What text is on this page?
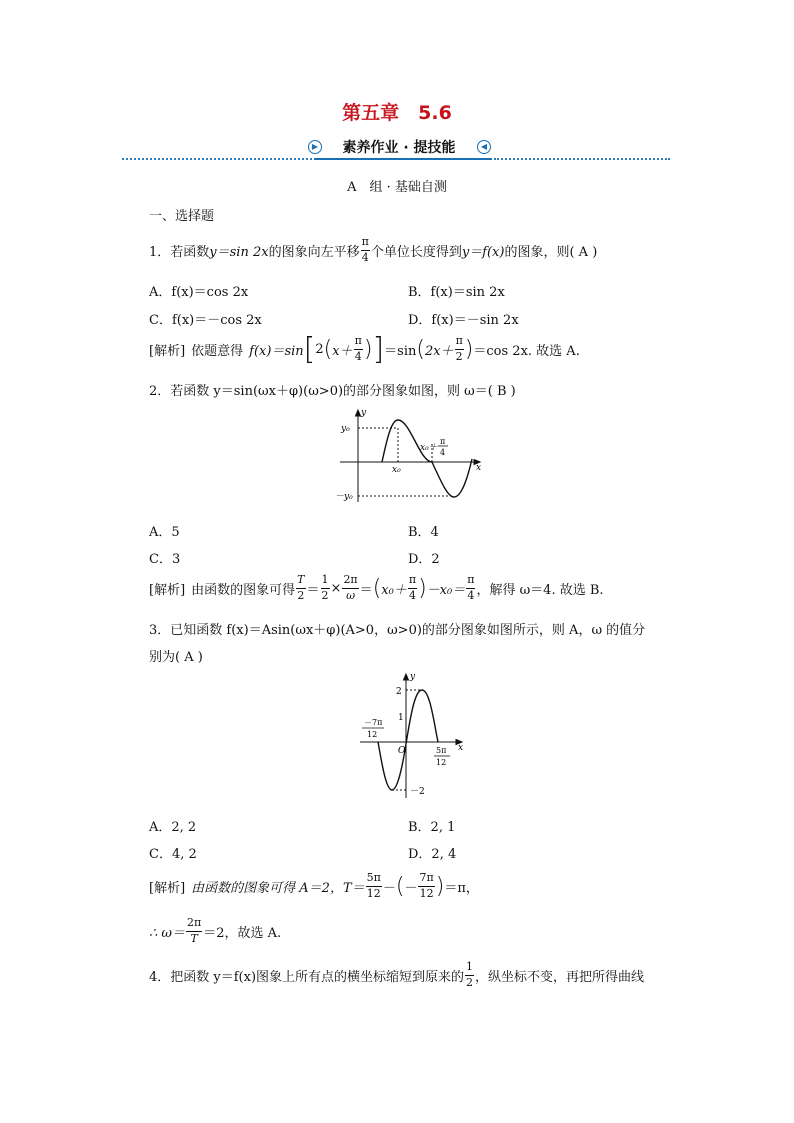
第五章　5.6
▶	素养作业 · 提技能	◀
A　组 · 基础自测
一、选择题
1．若函数 y＝sin 2x 的图象向左平移 $\frac{\pi}{4}$ 个单位长度得到 y＝f(x) 的图象，则( A )
A．f(x)＝cos 2x	B．f(x)＝sin 2x
C．f(x)＝－cos 2x	D．f(x)＝－sin 2x
[解析] 依题意得 f(x)＝sin [ 2 ( $x+ \frac{\pi}{4}$ ) ] ＝sin ( $2x+ \frac{\pi}{2}$ ) ＝cos 2x. 故选 A.
2．若函数 y＝sin(ωx＋φ)(ω>0)的部分图象如图，则 ω＝( B )
y
x
y₀
－y₀
x₀
x₀＋
π
4
A．5	B．4
C．3	D．2
[解析] 由函数的图象可得 $\frac{T}{2} = \frac{1}{2} \times \frac{2\pi}{\omega}$ ＝ ( $x_0+ \frac{\pi}{4}$ ) $-x_0= \frac{\pi}{4}$ ，解得 ω＝4. 故选 B.
3．已知函数 f(x)＝Asin(ωx＋φ)(A>0，ω>0)的部分图象如图所示，则 A，ω 的值分
别为( A )
y
x
2
1
－2
O
－7π
12
5π
12
A．2, 2	B．2, 1
C．4, 2	D．2, 4
[解析] 由函数的图象可得 A＝2，$T= \frac{5\pi}{12}$ － ( － $\frac{7\pi}{12}$ ) ＝π，
∴ $\omega= \frac{2\pi}{T} =2$，故选 A.
4．把函数 y＝f(x)图象上所有点的横坐标缩短到原来的 $\frac{1}{2}$ ，纵坐标不变，再把所得曲线
